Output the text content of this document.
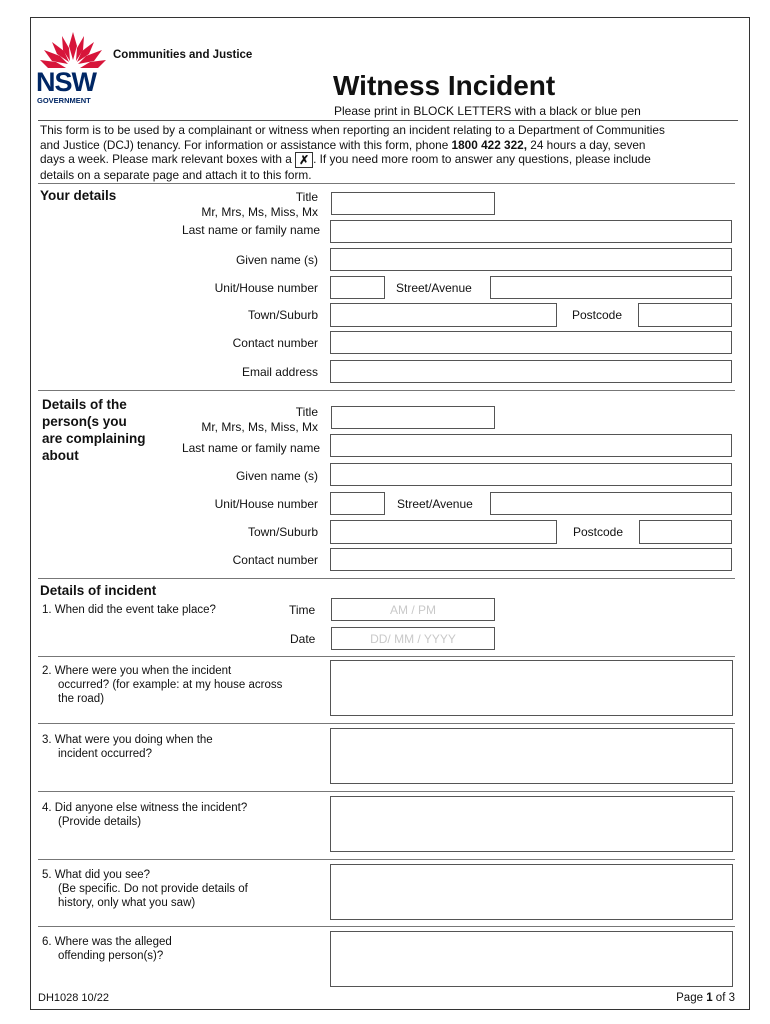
NSW
GOVERNMENT
Communities and Justice
Witness Incident
Please print in BLOCK LETTERS with a black or blue pen
This form is to be used by a complainant or witness when reporting an incident relating to a Department of Communities
and Justice (DCJ) tenancy. For information or assistance with this form, phone 1800 422 322, 24 hours a day, seven
days a week. Please mark relevant boxes with a ✗ . If you need more room to answer any questions, please include
details on a separate page and attach it to this form.
Your details	Title
Mr, Mrs, Ms, Miss, Mx
Last name or family name
Given name (s)
Unit/House number	Street/Avenue
Town/Suburb	Postcode
Contact number
Email address
Details of the
person(s you
are complaining
about
Title
Mr, Mrs, Ms, Miss, Mx
Last name or family name
Given name (s)
Unit/House number	Street/Avenue
Town/Suburb	Postcode
Contact number
Details of incident
1. When did the event take place?	Time	AM / PM
Date	DD/ MM / YYYY
2. Where were you when the incident
occurred? (for example: at my house across
the road)
3. What were you doing when the
incident occurred?
4. Did anyone else witness the incident?
(Provide details)
5. What did you see?
(Be specific. Do not provide details of
history, only what you saw)
6. Where was the alleged
offending person(s)?
DH1028 10/22	Page 1 of 3
